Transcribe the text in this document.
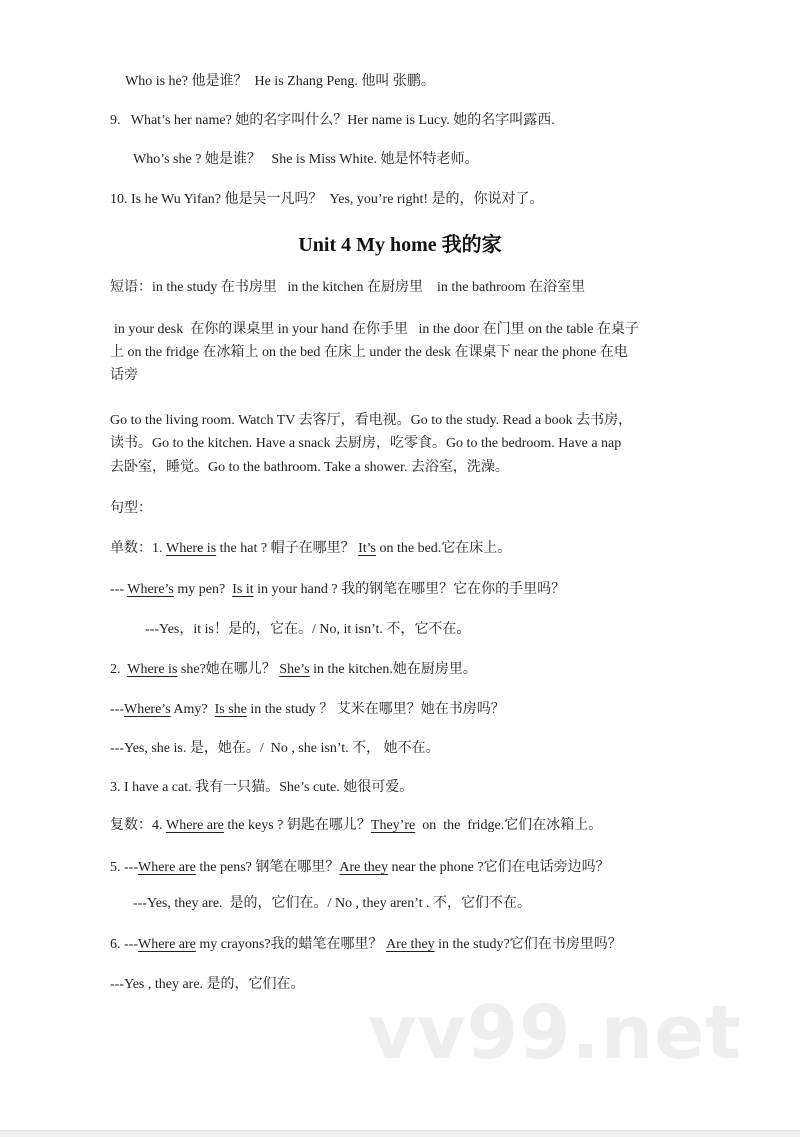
Unit 4 My home 我的家
Who is he? 他是谁？  He is Zhang Peng. 他叫 张鹏。
9.   What’s her name? 她的名字叫什么？Her name is Lucy. 她的名字叫露西.
Who’s she ? 她是谁？   She is Miss White. 她是怀特老师。
10. Is he Wu Yifan? 他是吴一凡吗？  Yes, you’re right! 是的，你说对了。
短语：in the study 在书房里   in the kitchen 在厨房里    in the bathroom 在浴室里
in your desk  在你的课桌里 in your hand 在你手里   in the door 在门里 on the table 在桌子
上 on the fridge 在冰箱上 on the bed 在床上 under the desk 在课桌下 near the phone 在电
话旁
Go to the living room. Watch TV 去客厅，看电视。Go to the study. Read a book 去书房，
读书。Go to the kitchen. Have a snack 去厨房，吃零食。Go to the bedroom. Have a nap
去卧室，睡觉。Go to the bathroom. Take a shower. 去浴室，洗澡。
句型：
单数：1. Where is the hat ? 帽子在哪里？ It’s on the bed.它在床上。
--- Where’s my pen?  Is it in your hand ? 我的钢笔在哪里？它在你的手里吗？
---Yes，it is！是的，它在。/ No, it isn’t. 不，它不在。
2.  Where is she?她在哪儿？ She’s in the kitchen.她在厨房里。
---Where’s Amy?  Is she in the study ？ 艾米在哪里？她在书房吗？
---Yes, she is. 是，她在。/  No , she isn’t. 不， 她不在。
3. I have a cat. 我有一只猫。She’s cute. 她很可爱。
复数：4. Where are the keys ? 钥匙在哪儿？They’re  on  the  fridge.它们在冰箱上。
5. ---Where are the pens? 钢笔在哪里？Are they near the phone ?它们在电话旁边吗？
---Yes, they are.  是的，它们在。/ No , they aren’t . 不，它们不在。
6. ---Where are my crayons?我的蜡笔在哪里？ Are they in the study?它们在书房里吗？
---Yes , they are. 是的，它们在。
vv99.net
